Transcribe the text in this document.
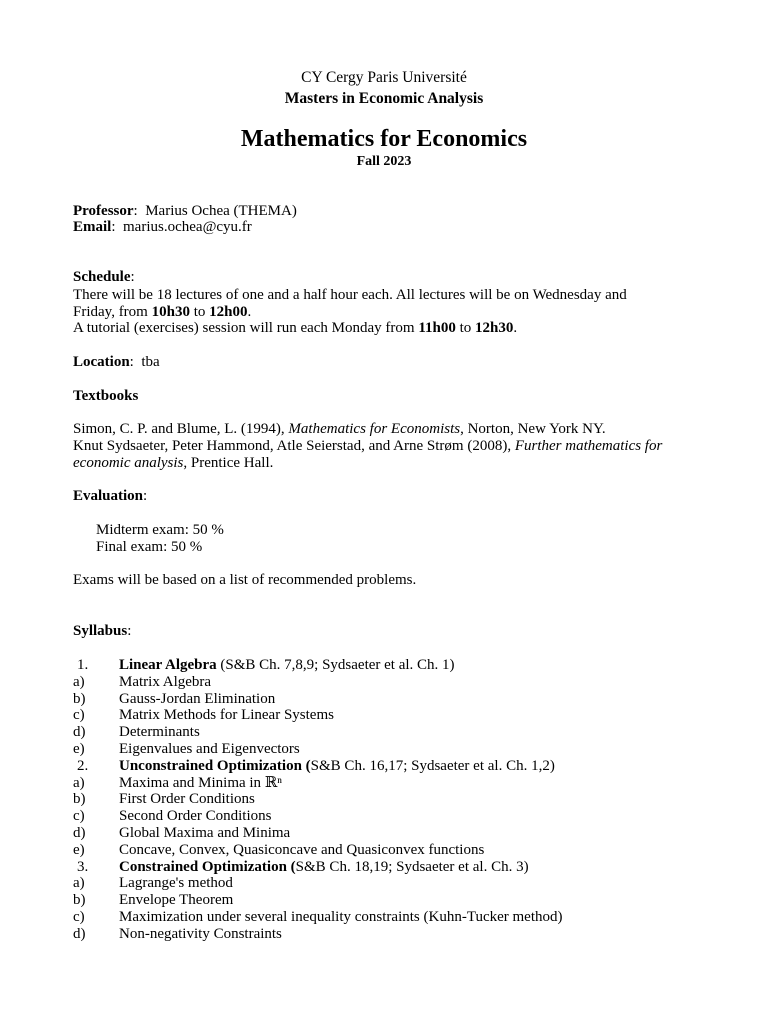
CY Cergy Paris Université
Masters in Economic Analysis
Mathematics for Economics
Fall 2023
Professor:  Marius Ochea (THEMA)
Email:  marius.ochea@cyu.fr
Schedule:
There will be 18 lectures of one and a half hour each. All lectures will be on Wednesday and
Friday, from 10h30 to 12h00.
A tutorial (exercises) session will run each Monday from 11h00 to 12h30.
Location:  tba
Textbooks
Simon, C. P. and Blume, L. (1994), Mathematics for Economists, Norton, New York NY.
Knut Sydsaeter, Peter Hammond, Atle Seierstad, and Arne Strøm (2008), Further mathematics for
economic analysis, Prentice Hall.
Evaluation:
Midterm exam: 50 %
Final exam: 50 %
Exams will be based on a list of recommended problems.
Syllabus:
1.	Linear Algebra (S&B Ch. 7,8,9; Sydsaeter et al. Ch. 1)
a)	Matrix Algebra
b)	Gauss-Jordan Elimination
c)	Matrix Methods for Linear Systems
d)	Determinants
e)	Eigenvalues and Eigenvectors
2.	Unconstrained Optimization (S&B Ch. 16,17; Sydsaeter et al. Ch. 1,2)
a)	Maxima and Minima in ℝⁿ
b)	First Order Conditions
c)	Second Order Conditions
d)	Global Maxima and Minima
e)	Concave, Convex, Quasiconcave and Quasiconvex functions
3.	Constrained Optimization (S&B Ch. 18,19; Sydsaeter et al. Ch. 3)
a)	Lagrange's method
b)	Envelope Theorem
c)	Maximization under several inequality constraints (Kuhn-Tucker method)
d)	Non-negativity Constraints
